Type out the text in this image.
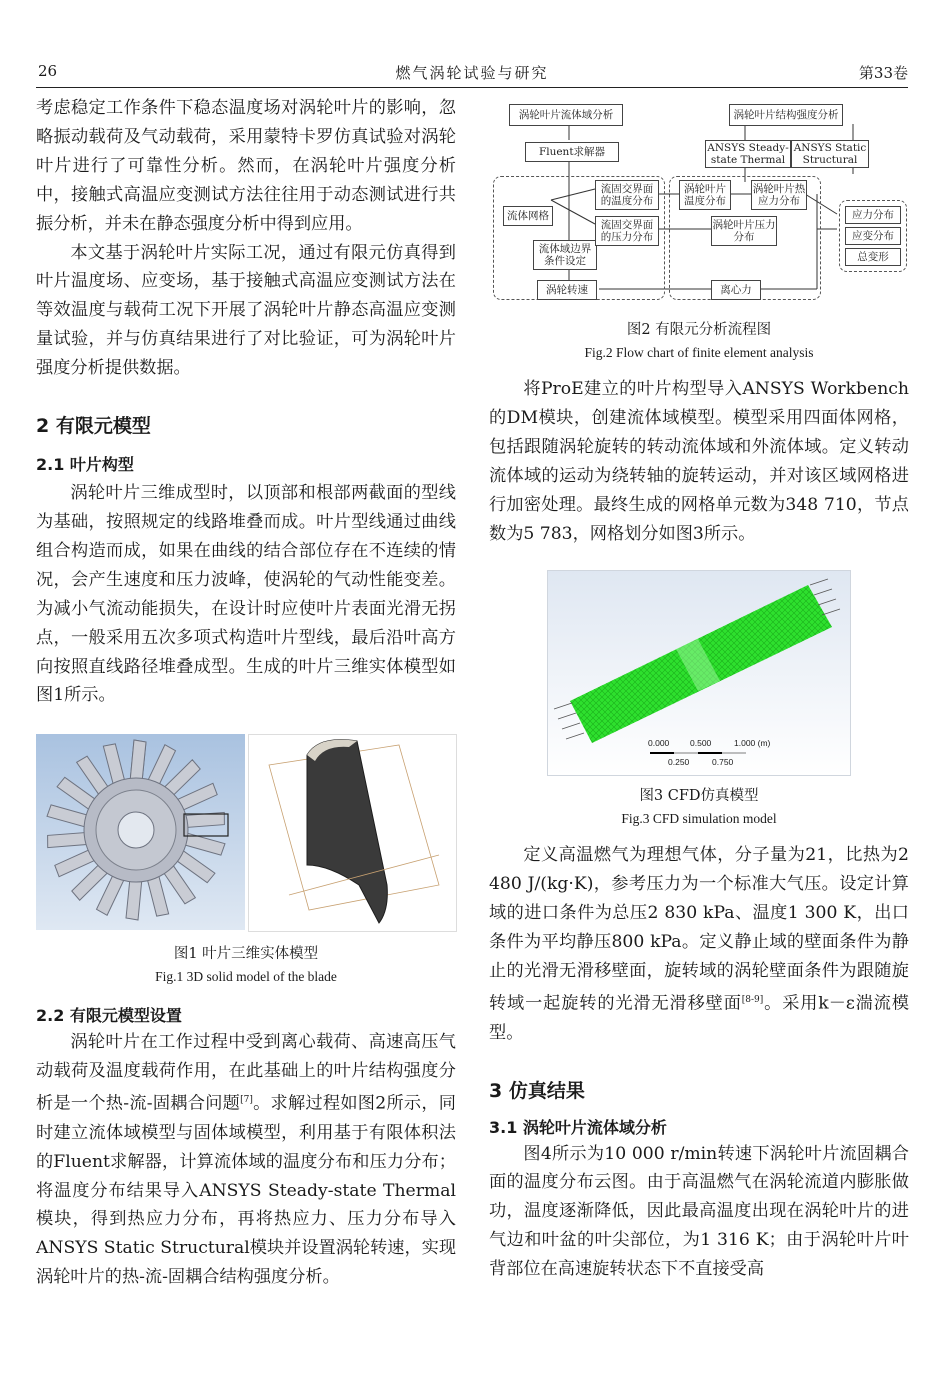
26	燃气涡轮试验与研究	第33卷

考虑稳定工作条件下稳态温度场对涡轮叶片的影响，忽略振动载荷及气动载荷，采用蒙特卡罗仿真试验对涡轮叶片进行了可靠性分析。然而，在涡轮叶片强度分析中，接触式高温应变测试方法往往用于动态测试进行共振分析，并未在静态强度分析中得到应用。

本文基于涡轮叶片实际工况，通过有限元仿真得到叶片温度场、应变场，基于接触式高温应变测试方法在等效温度与载荷工况下开展了涡轮叶片静态高温应变测量试验，并与仿真结果进行了对比验证，可为涡轮叶片强度分析提供数据。

2 有限元模型
2.1 叶片构型

涡轮叶片三维成型时，以顶部和根部两截面的型线为基础，按照规定的线路堆叠而成。叶片型线通过曲线组合构造而成，如果在曲线的结合部位存在不连续的情况，会产生速度和压力波峰，使涡轮的气动性能变差。为减小气流动能损失，在设计时应使叶片表面光滑无拐点，一般采用五次多项式构造叶片型线，最后沿叶高方向按照直线路径堆叠成型。生成的叶片三维实体模型如图1所示。

图1 叶片三维实体模型

Fig.1 3D solid model of the blade

2.2 有限元模型设置

涡轮叶片在工作过程中受到离心载荷、高速高压气动载荷及温度载荷作用，在此基础上的叶片结构强度分析是一个热-流-固耦合问题[7]。求解过程如图2所示，同时建立流体域模型与固体域模型，利用基于有限体积法的Fluent求解器，计算流体域的温度分布和压力分布；将温度分布结果导入ANSYS Steady-state Thermal模块，得到热应力分布，再将热应力、压力分布导入ANSYS Static Structural模块并设置涡轮转速，实现涡轮叶片的热-流-固耦合结构强度分析。

涡轮叶片流体域分析	涡轮叶片结构强度分析
Fluent求解器	ANSYS Steady-state Thermal
ANSYS Static Structural
流体网格
流体域边界条件设定
涡轮转速
流固交界面的温度分布
流固交界面的压力分布
涡轮叶片温度分布
涡轮叶片热应力分布
涡轮叶片压力分布
离心力
应力分布
应变分布
总变形

图2 有限元分析流程图

Fig.2 Flow chart of finite element analysis

将ProE建立的叶片构型导入ANSYS Workbench的DM模块，创建流体域模型。模型采用四面体网格，包括跟随涡轮旋转的转动流体域和外流体域。定义转动流体域的运动为绕转轴的旋转运动，并对该区域网格进行加密处理。最终生成的网格单元数为348 710，节点数为5 783，网格划分如图3所示。

0.000 0.500	1.000 (m)
0.250	0.750

图3 CFD仿真模型

Fig.3 CFD simulation model

定义高温燃气为理想气体，分子量为21，比热为2 480 J/(kg·K)，参考压力为一个标准大气压。设定计算域的进口条件为总压2 830 kPa、温度1 300 K，出口条件为平均静压800 kPa。定义静止域的壁面条件为静止的光滑无滑移壁面，旋转域的涡轮壁面条件为跟随旋转域一起旋转的光滑无滑移壁面[8-9]。采用k－ε湍流模型。

3 仿真结果
3.1 涡轮叶片流体域分析

图4所示为10 000 r/min转速下涡轮叶片流固耦合面的温度分布云图。由于高温燃气在涡轮流道内膨胀做功，温度逐渐降低，因此最高温度出现在涡轮叶片的进气边和叶盆的叶尖部位，为1 316 K；由于涡轮叶片叶背部位在高速旋转状态下不直接受高
